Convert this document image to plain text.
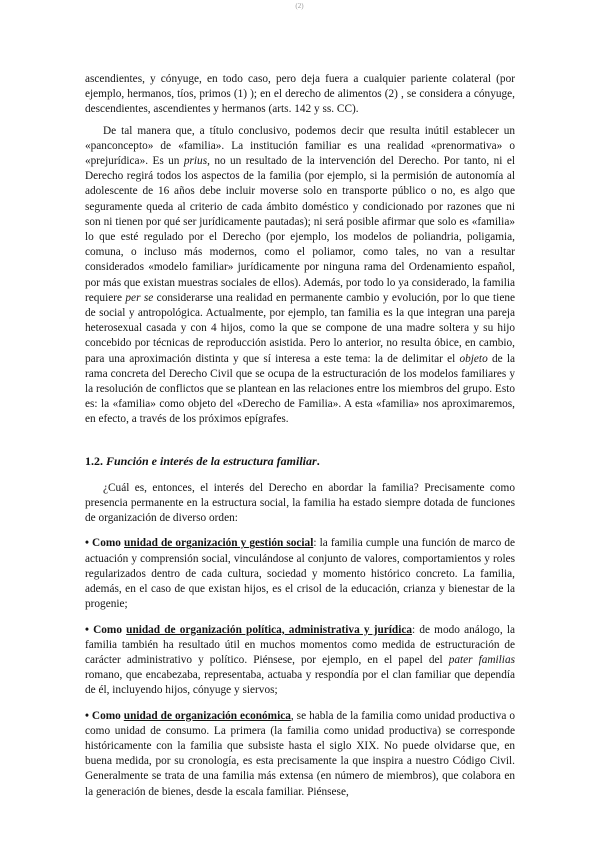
(2)

ascendientes, y cónyuge, en todo caso, pero deja fuera a cualquier pariente colateral (por ejemplo, hermanos, tíos, primos (1) ); en el derecho de alimentos (2) , se considera a cónyuge, descendientes, ascendientes y hermanos (arts. 142 y ss. CC).

De tal manera que, a título conclusivo, podemos decir que resulta inútil establecer un «panconcepto» de «familia». La institución familiar es una realidad «prenormativa» o «prejurídica». Es un prius, no un resultado de la intervención del Derecho. Por tanto, ni el Derecho regirá todos los aspectos de la familia (por ejemplo, si la permisión de autonomía al adolescente de 16 años debe incluir moverse solo en transporte público o no, es algo que seguramente queda al criterio de cada ámbito doméstico y condicionado por razones que ni son ni tienen por qué ser jurídicamente pautadas); ni será posible afirmar que solo es «familia» lo que esté regulado por el Derecho (por ejemplo, los modelos de poliandria, poligamia, comuna, o incluso más modernos, como el poliamor, como tales, no van a resultar considerados «modelo familiar» jurídicamente por ninguna rama del Ordenamiento español, por más que existan muestras sociales de ellos). Además, por todo lo ya considerado, la familia requiere per se considerarse una realidad en permanente cambio y evolución, por lo que tiene de social y antropológica. Actualmente, por ejemplo, tan familia es la que integran una pareja heterosexual casada y con 4 hijos, como la que se compone de una madre soltera y su hijo concebido por técnicas de reproducción asistida. Pero lo anterior, no resulta óbice, en cambio, para una aproximación distinta y que sí interesa a este tema: la de delimitar el objeto de la rama concreta del Derecho Civil que se ocupa de la estructuración de los modelos familiares y la resolución de conflictos que se plantean en las relaciones entre los miembros del grupo. Esto es: la «familia» como objeto del «Derecho de Familia». A esta «familia» nos aproximaremos, en efecto, a través de los próximos epígrafes.

1.2. Función e interés de la estructura familiar.

¿Cuál es, entonces, el interés del Derecho en abordar la familia? Precisamente como presencia permanente en la estructura social, la familia ha estado siempre dotada de funciones de organización de diverso orden:

• Como unidad de organización y gestión social: la familia cumple una función de marco de actuación y comprensión social, vinculándose al conjunto de valores, comportamientos y roles regularizados dentro de cada cultura, sociedad y momento histórico concreto. La familia, además, en el caso de que existan hijos, es el crisol de la educación, crianza y bienestar de la progenie;

• Como unidad de organización política, administrativa y jurídica: de modo análogo, la familia también ha resultado útil en muchos momentos como medida de estructuración de carácter administrativo y político. Piénsese, por ejemplo, en el papel del pater familias romano, que encabezaba, representaba, actuaba y respondía por el clan familiar que dependía de él, incluyendo hijos, cónyuge y siervos;

• Como unidad de organización económica, se habla de la familia como unidad productiva o como unidad de consumo. La primera (la familia como unidad productiva) se corresponde históricamente con la familia que subsiste hasta el siglo XIX. No puede olvidarse que, en buena medida, por su cronología, es esta precisamente la que inspira a nuestro Código Civil. Generalmente se trata de una familia más extensa (en número de miembros), que colabora en la generación de bienes, desde la escala familiar. Piénsese,
